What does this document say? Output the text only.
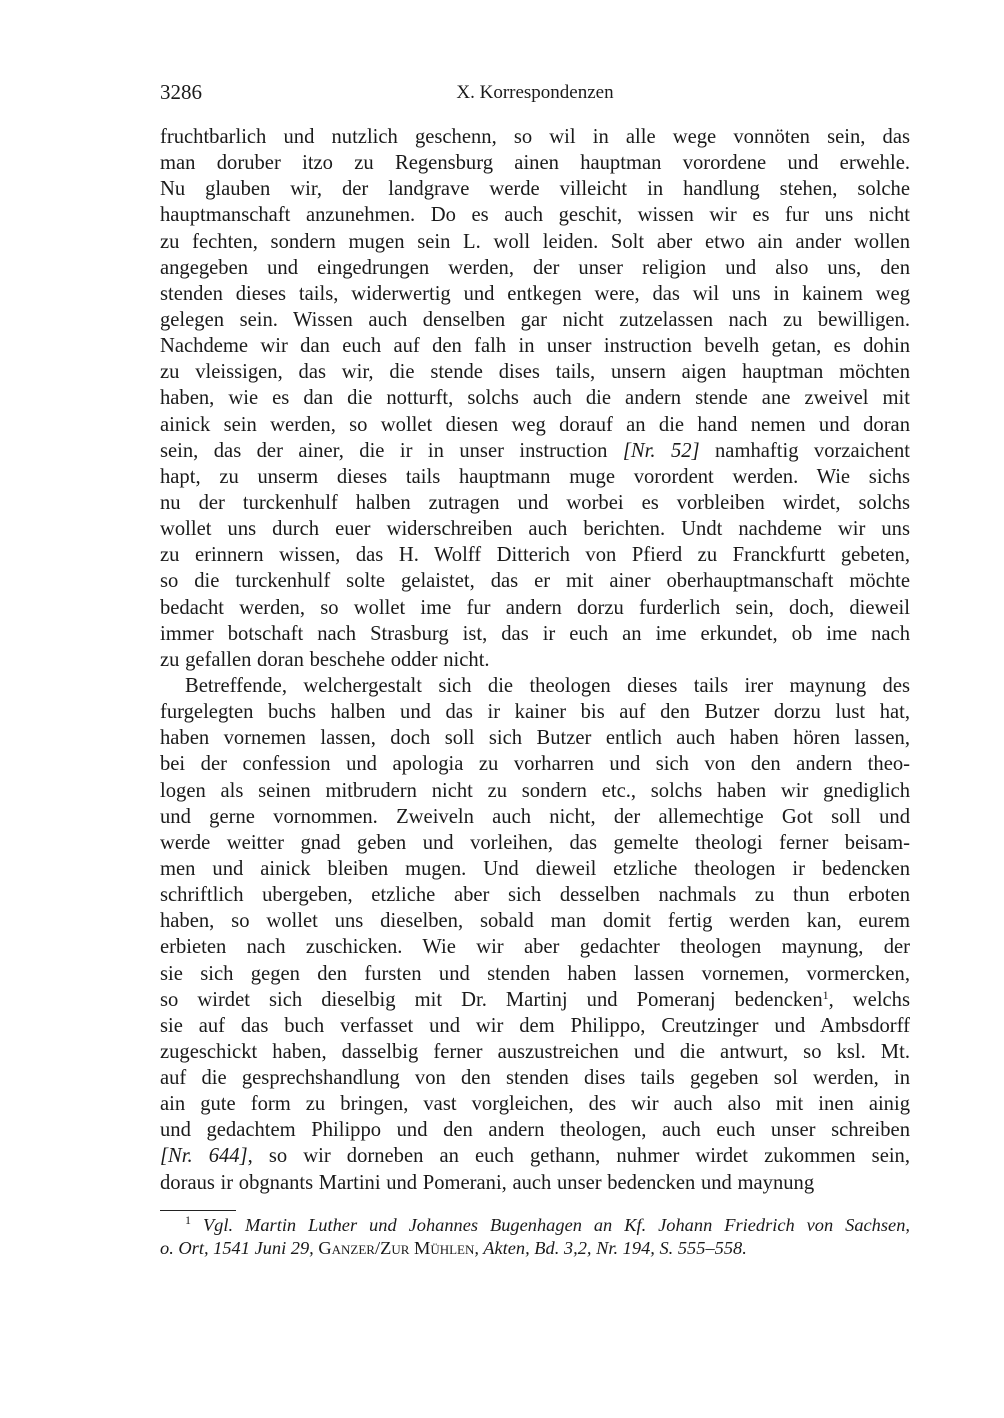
3286	X. Korrespondenzen
fruchtbarlich und nutzlich geschenn, so wil in alle wege vonnöten sein, das
man doruber itzo zu Regensburg ainen hauptman vorordene und erwehle.
Nu glauben wir, der landgrave werde villeicht in handlung stehen, solche
hauptmanschaft anzunehmen. Do es auch geschit, wissen wir es fur uns nicht
zu fechten, sondern mugen sein L. woll leiden. Solt aber etwo ain ander wollen
angegeben und eingedrungen werden, der unser religion und also uns, den
stenden dieses tails, widerwertig und entkegen were, das wil uns in kainem weg
gelegen sein. Wissen auch denselben gar nicht zutzelassen nach zu bewilligen.
Nachdeme wir dan euch auf den falh in unser instruction bevelh getan, es dohin
zu vleissigen, das wir, die stende dises tails, unsern aigen hauptman möchten
haben, wie es dan die notturft, solchs auch die andern stende ane zweivel mit
ainick sein werden, so wollet diesen weg dorauf an die hand nemen und doran
sein, das der ainer, die ir in unser instruction [Nr. 52] namhaftig vorzaichent
hapt, zu unserm dieses tails hauptmann muge vorordent werden. Wie sichs
nu der turckenhulf halben zutragen und worbei es vorbleiben wirdet, solchs
wollet uns durch euer widerschreiben auch berichten. Undt nachdeme wir uns
zu erinnern wissen, das H. Wolff Ditterich von Pfierd zu Franckfurtt gebeten,
so die turckenhulf solte gelaistet, das er mit ainer oberhauptmanschaft möchte
bedacht werden, so wollet ime fur andern dorzu furderlich sein, doch, dieweil
immer botschaft nach Strasburg ist, das ir euch an ime erkundet, ob ime nach
zu gefallen doran beschehe odder nicht.
Betreffende, welchergestalt sich die theologen dieses tails irer maynung des
furgelegten buchs halben und das ir kainer bis auf den Butzer dorzu lust hat,
haben vornemen lassen, doch soll sich Butzer entlich auch haben hören lassen,
bei der confession und apologia zu vorharren und sich von den andern theo-
logen als seinen mitbrudern nicht zu sondern etc., solchs haben wir gnediglich
und gerne vornommen. Zweiveln auch nicht, der allemechtige Got soll und
werde weitter gnad geben und vorleihen, das gemelte theologi ferner beisam-
men und ainick bleiben mugen. Und dieweil etzliche theologen ir bedencken
schriftlich ubergeben, etzliche aber sich desselben nachmals zu thun erboten
haben, so wollet uns dieselben, sobald man domit fertig werden kan, eurem
erbieten nach zuschicken. Wie wir aber gedachter theologen maynung, der
sie sich gegen den fursten und stenden haben lassen vornemen, vormercken,
so wirdet sich dieselbig mit Dr. Martinj und Pomeranj bedencken$^1$, welchs
sie auf das buch verfasset und wir dem Philippo, Creutzinger und Ambsdorff
zugeschickt haben, dasselbig ferner auszustreichen und die antwurt, so ksl. Mt.
auf die gesprechshandlung von den stenden dises tails gegeben sol werden, in
ain gute form zu bringen, vast vorgleichen, des wir auch also mit inen ainig
und gedachtem Philippo und den andern theologen, auch euch unser schreiben
[Nr. 644], so wir dorneben an euch gethann, nuhmer wirdet zukommen sein,
doraus ir obgnants Martini und Pomerani, auch unser bedencken und maynung
$^1$ Vgl. Martin Luther und Johannes Bugenhagen an Kf. Johann Friedrich von Sachsen,
o. Ort, 1541 Juni 29, Ganzer/Zur Mühlen, Akten, Bd. 3,2, Nr. 194, S. 555–558.
